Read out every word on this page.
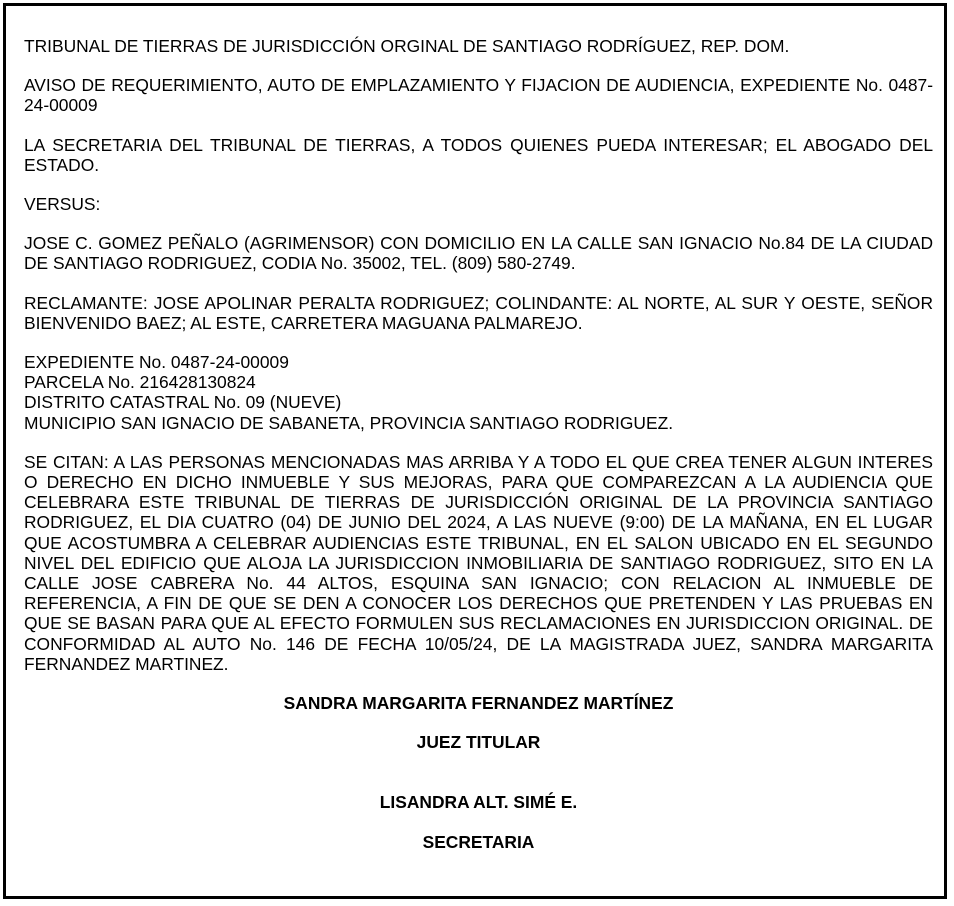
TRIBUNAL DE TIERRAS DE JURISDICCIÓN ORGINAL DE SANTIAGO RODRÍGUEZ, REP. DOM.

AVISO DE REQUERIMIENTO, AUTO DE EMPLAZAMIENTO Y FIJACION DE AUDIENCIA, EXPEDIENTE No. 0487-24-00009

LA SECRETARIA DEL TRIBUNAL DE TIERRAS, A TODOS QUIENES PUEDA INTERESAR; EL ABOGADO DEL ESTADO.

VERSUS:

JOSE C. GOMEZ PEÑALO (AGRIMENSOR) CON DOMICILIO EN LA CALLE SAN IGNACIO No.84 DE LA CIUDAD DE SANTIAGO RODRIGUEZ, CODIA No. 35002, TEL. (809) 580-2749.

RECLAMANTE: JOSE APOLINAR PERALTA RODRIGUEZ; COLINDANTE: AL NORTE, AL SUR Y OESTE, SEÑOR BIENVENIDO BAEZ; AL ESTE, CARRETERA MAGUANA PALMAREJO.

EXPEDIENTE No. 0487-24-00009

PARCELA No. 216428130824

DISTRITO CATASTRAL No. 09 (NUEVE)

MUNICIPIO SAN IGNACIO DE SABANETA, PROVINCIA SANTIAGO RODRIGUEZ.

SE CITAN: A LAS PERSONAS MENCIONADAS MAS ARRIBA Y A TODO EL QUE CREA TENER ALGUN INTERES O DERECHO EN DICHO INMUEBLE Y SUS MEJORAS, PARA QUE COMPAREZCAN A LA AUDIENCIA QUE CELEBRARA ESTE TRIBUNAL DE TIERRAS DE JURISDICCIÓN ORIGINAL DE LA PROVINCIA SANTIAGO RODRIGUEZ, EL DIA CUATRO (04) DE JUNIO DEL 2024, A LAS NUEVE (9:00) DE LA MAÑANA, EN EL LUGAR QUE ACOSTUMBRA A CELEBRAR AUDIENCIAS ESTE TRIBUNAL, EN EL SALON UBICADO EN EL SEGUNDO NIVEL DEL EDIFICIO QUE ALOJA LA JURISDICCION INMOBILIARIA DE SANTIAGO RODRIGUEZ, SITO EN LA CALLE JOSE CABRERA No. 44 ALTOS, ESQUINA SAN IGNACIO; CON RELACION AL INMUEBLE DE REFERENCIA, A FIN DE QUE SE DEN A CONOCER LOS DERECHOS QUE PRETENDEN Y LAS PRUEBAS EN QUE SE BASAN PARA QUE AL EFECTO FORMULEN SUS RECLAMACIONES EN JURISDICCION ORIGINAL. DE CONFORMIDAD AL AUTO No. 146 DE FECHA 10/05/24, DE LA MAGISTRADA JUEZ, SANDRA MARGARITA FERNANDEZ MARTINEZ.

SANDRA MARGARITA FERNANDEZ MARTÍNEZ

JUEZ TITULAR

LISANDRA ALT. SIMÉ E.

SECRETARIA
